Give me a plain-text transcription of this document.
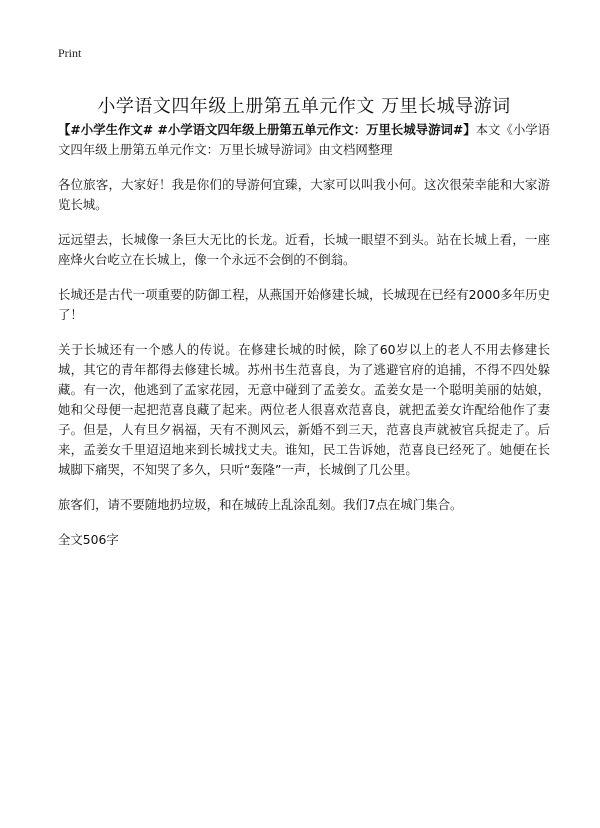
Print
小学语文四年级上册第五单元作文 万里长城导游词

【#小学生作文# #小学语文四年级上册第五单元作文：万里长城导游词#】本文《小学语文四年级上册第五单元作文：万里长城导游词》由文档网整理

各位旅客，大家好！我是你们的导游何宜臻，大家可以叫我小何。这次很荣幸能和大家游览长城。

远远望去，长城像一条巨大无比的长龙。近看，长城一眼望不到头。站在长城上看，一座座烽火台屹立在长城上，像一个永远不会倒的不倒翁。

长城还是古代一项重要的防御工程，从燕国开始修建长城，长城现在已经有2000多年历史了！

关于长城还有一个感人的传说。在修建长城的时候，除了60岁以上的老人不用去修建长城，其它的青年都得去修建长城。苏州书生范喜良，为了逃避官府的追捕，不得不四处躲藏。有一次，他逃到了孟家花园，无意中碰到了孟姜女。孟姜女是一个聪明美丽的姑娘，她和父母便一起把范喜良藏了起来。两位老人很喜欢范喜良，就把孟姜女许配给他作了妻子。但是，人有旦夕祸福，天有不测风云，新婚不到三天，范喜良声就被官兵捉走了。后来，孟姜女千里迢迢地来到长城找丈夫。谁知，民工告诉她，范喜良已经死了。她便在长城脚下痛哭，不知哭了多久，只听“轰隆”一声，长城倒了几公里。

旅客们，请不要随地扔垃圾，和在城砖上乱涂乱刻。我们7点在城门集合。

全文506字
